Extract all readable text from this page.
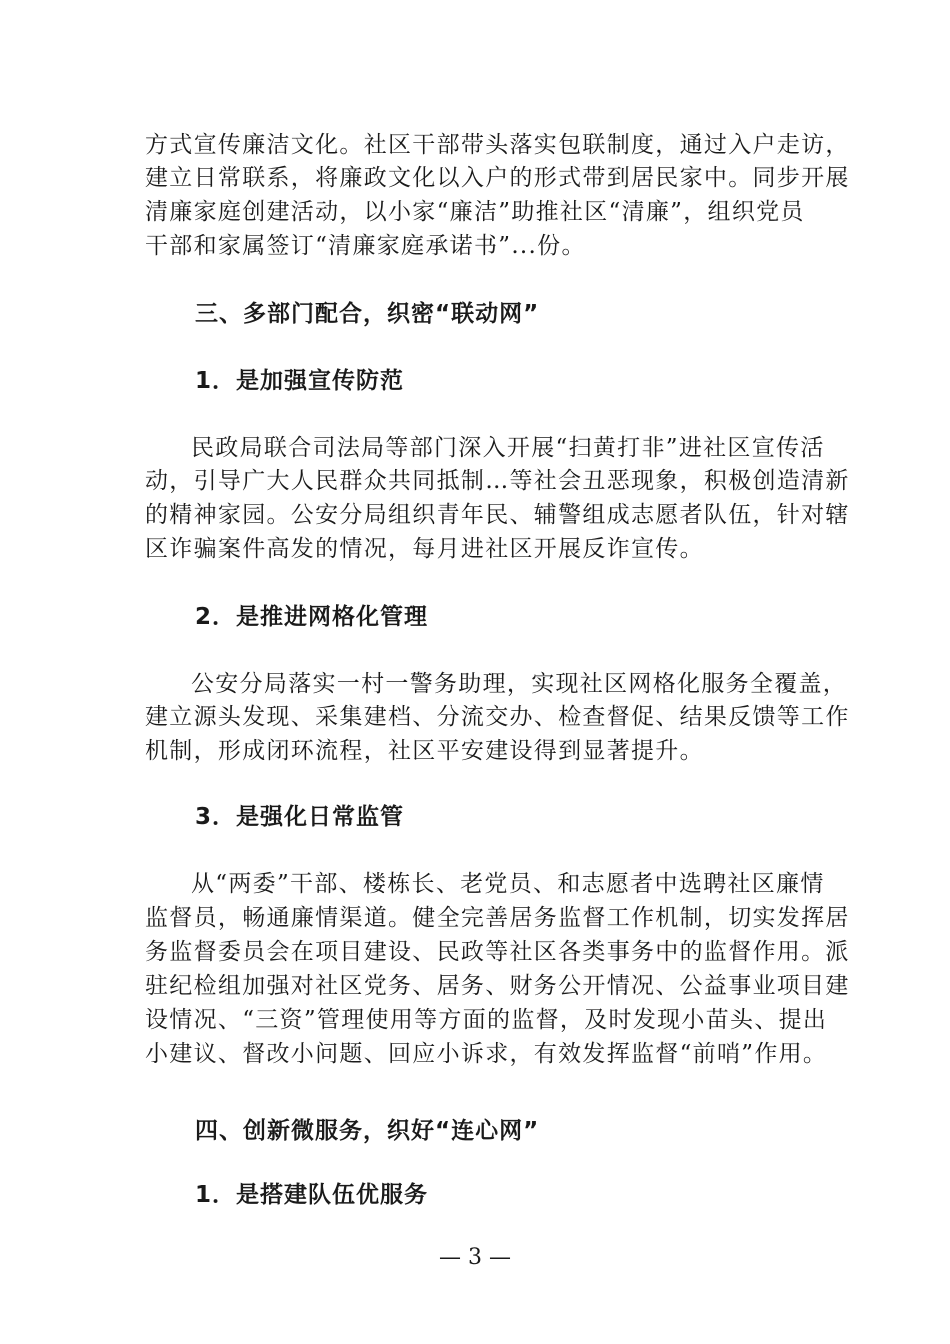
方式宣传廉洁文化。社区干部带头落实包联制度，通过入户走访，
建立日常联系，将廉政文化以入户的形式带到居民家中。同步开展
清廉家庭创建活动，以小家“廉洁”助推社区“清廉”，组织党员
干部和家属签订“清廉家庭承诺书”...份。
三、多部门配合，织密“联动网”
1．是加强宣传防范
民政局联合司法局等部门深入开展“扫黄打非”进社区宣传活
动，引导广大人民群众共同抵制…等社会丑恶现象，积极创造清新
的精神家园。公安分局组织青年民、辅警组成志愿者队伍，针对辖
区诈骗案件高发的情况，每月进社区开展反诈宣传。
2．是推进网格化管理
公安分局落实一村一警务助理，实现社区网格化服务全覆盖，
建立源头发现、采集建档、分流交办、检查督促、结果反馈等工作
机制，形成闭环流程，社区平安建设得到显著提升。
3．是强化日常监管
从“两委”干部、楼栋长、老党员、和志愿者中选聘社区廉情
监督员，畅通廉情渠道。健全完善居务监督工作机制，切实发挥居
务监督委员会在项目建设、民政等社区各类事务中的监督作用。派
驻纪检组加强对社区党务、居务、财务公开情况、公益事业项目建
设情况、“三资”管理使用等方面的监督，及时发现小苗头、提出
小建议、督改小问题、回应小诉求，有效发挥监督“前哨”作用。
四、创新微服务，织好“连心网”
1．是搭建队伍优服务
— 3 —
